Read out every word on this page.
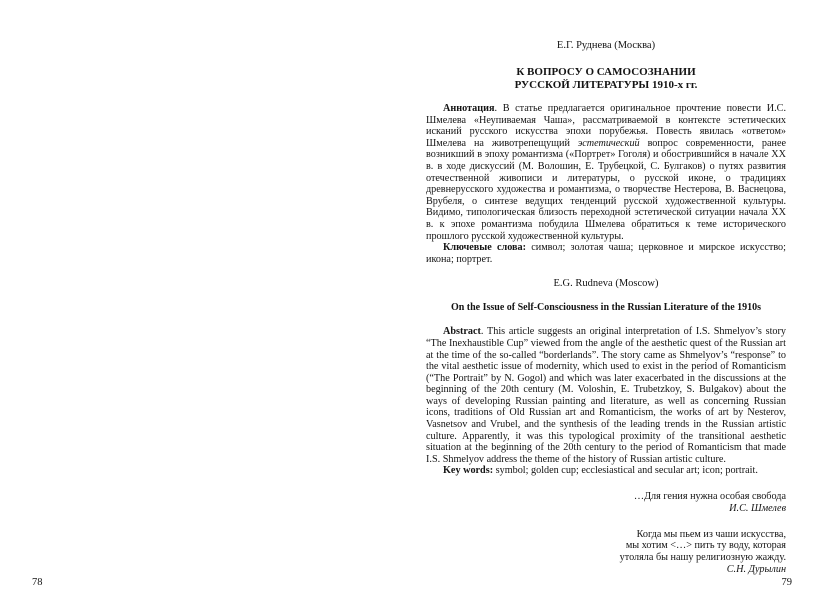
Е.Г. Руднева (Москва)
К ВОПРОСУ О САМОСОЗНАНИИ
РУССКОЙ ЛИТЕРАТУРЫ 1910-х гг.

Аннотация. В статье предлагается оригинальное прочтение повести И.С. Шмелева «Неупиваемая Чаша», рассматриваемой в контексте эстетических исканий русского искусства эпохи порубежья. Повесть явилась «ответом» Шмелева на животрепещущий эстетический вопрос современности, ранее возникший в эпоху романтизма («Портрет» Гоголя) и обострившийся в начале XX в. в ходе дискуссий (М. Волошин, Е. Трубецкой, С. Булгаков) о путях развития отечественной живописи и литературы, о русской иконе, о традициях древнерусского художества и романтизма, о творчестве Нестерова, В. Васнецова, Врубеля, о синтезе ведущих тенденций русской художественной культуры. Видимо, типологическая близость переходной эстетической ситуации начала XX в. к эпохе романтизма побудила Шмелева обратиться к теме исторического прошлого русской художественной культуры.

Ключевые слова: символ; золотая чаша; церковное и мирское искусство; икона; портрет.

E.G. Rudneva (Moscow)
On the Issue of Self-Consciousness in the Russian Literature of the 1910s

Abstract. This article suggests an original interpretation of I.S. Shmelyov’s story “The Inexhaustible Cup” viewed from the angle of the aesthetic quest of the Russian art at the time of the so-called “borderlands”. The story came as Shmelyov’s “response” to the vital aesthetic issue of modernity, which used to exist in the period of Romanticism (“The Portrait” by N. Gogol) and which was later exacerbated in the discussions at the beginning of the 20th century (M. Voloshin, E. Trubetzkoy, S. Bulgakov) about the ways of developing Russian painting and literature, as well as concerning Russian icons, traditions of Old Russian art and Romanticism, the works of art by Nesterov, Vasnetsov and Vrubel, and the synthesis of the leading trends in the Russian artistic culture. Apparently, it was this typological proximity of the transitional aesthetic situation at the beginning of the 20th century to the period of Romanticism that made I.S. Shmelyov address the theme of the history of Russian artistic culture.

Key words: symbol; golden cup; ecclesiastical and secular art; icon; portrait.

…Для гения нужна особая свобода
И.С. Шмелев
Когда мы пьем из чаши искусства,
мы хотим <…> пить ту воду, которая
утоляла бы нашу религиозную жажду.
С.Н. Дурылин
78	79
